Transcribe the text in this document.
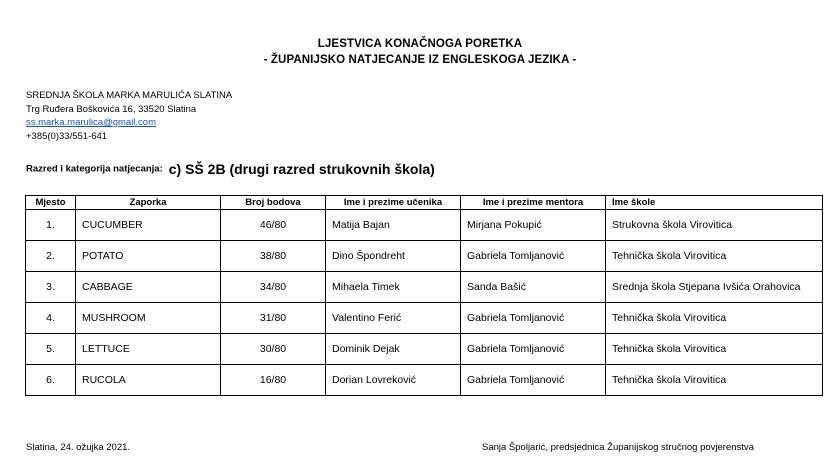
LJESTVICA KONAČNOGA PORETKA
- ŽUPANIJSKO NATJECANJE IZ ENGLESKOGA JEZIKA -
SREDNJA ŠKOLA MARKA MARULIĆA SLATINA
Trg Ruđera Boškovića 16, 33520 Slatina
ss.marka.marulica@gmail.com
+385(0)33/551-641
Razred i kategorija natjecanja: c) SŠ 2B (drugi razred strukovnih škola)
Mjesto	Zaporka	Broj bodova	Ime i prezime učenika	Ime i prezime mentora	Ime škole
1.	CUCUMBER	46/80	Matija Bajan	Mirjana Pokupić	Strukovna škola Virovitica
2.	POTATO	38/80	Dino Špondreht	Gabriela Tomljanović	Tehnička škola Virovitica
3.	CABBAGE	34/80	Mihaela Timek	Sanda Bašić	Srednja škola Stjepana Ivšića Orahovica
4.	MUSHROOM	31/80	Valentino Ferić	Gabriela Tomljanović	Tehnička škola Virovitica
5.	LETTUCE	30/80	Dominik Dejak	Gabriela Tomljanović	Tehnička škola Virovitica
6.	RUCOLA	16/80	Dorian Lovreković	Gabriela Tomljanović	Tehnička škola Virovitica
Slatina, 24. ožujka 2021.	Sanja Špoljarić, predsjednica Županijskog stručnog povjerenstva
